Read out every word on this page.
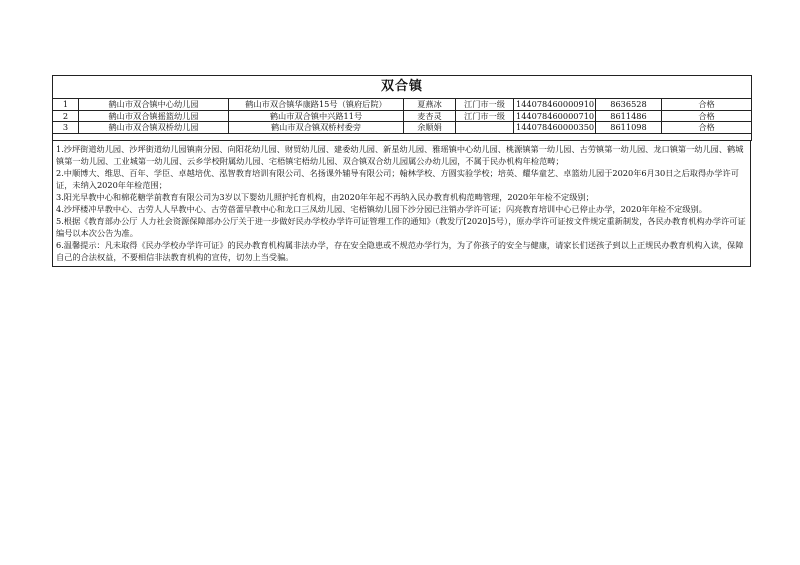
双合镇							
1	鹤山市双合镇中心幼儿园	鹤山市双合镇华康路15号（镇府后院）	夏燕冰	江门市一级	144078460000910	8636528	合格
2	鹤山市双合镇摇篮幼儿园	鹤山市双合镇中兴路11号	麦杏灵	江门市一级	144078460000710	8611486	合格
3	鹤山市双合镇双桥幼儿园	鹤山市双合镇双桥村委旁	余顺娟		144078460000350	8611098	合格

1.沙坪街道幼儿园、沙坪街道幼儿园镇南分园、向阳花幼儿园、财贸幼儿园、建委幼儿园、新星幼儿园、雅瑶镇中心幼儿园、桃源镇第一幼儿园、古劳镇第一幼儿园、龙口镇第一幼儿园、鹤城镇第一幼儿园、工业城第一幼儿园、云乡学校附属幼儿园、宅梧镇宅梧幼儿园、双合镇双合幼儿园属公办幼儿园，不属于民办机构年检范畴；

2.中顺博大、维思、百年、学臣、卓越培优、泓智教育培训有限公司、名扬课外辅导有限公司；翰林学校、方圆实验学校；培英、耀华童艺、卓篮幼儿园于2020年6月30日之后取得办学许可证，未纳入2020年年检范围；

3.阳光早教中心和棉花糖学前教育有限公司为3岁以下婴幼儿照护托育机构，由2020年年起不再纳入民办教育机构范畴管理，2020年年检不定级别；

4.沙坪楼冲早教中心、古劳人人早教中心、古劳蓓蕾早教中心和龙口三凤幼儿园、宅梧镇幼儿园下沙分园已注销办学许可证；闪亮教育培训中心已停止办学，2020年年检不定级别。

5.根据《教育部办公厅 人力社会资源保障部办公厅关于进一步做好民办学校办学许可证管理工作的通知》（教发厅[2020]5号），原办学许可证按文件规定重新制发，各民办教育机构办学许可证编号以本次公告为准。

6.温馨提示：凡未取得《民办学校办学许可证》的民办教育机构属非法办学，存在安全隐患或不规范办学行为，为了你孩子的安全与健康，请家长们送孩子到以上正规民办教育机构入读，保障自己的合法权益，不要相信非法教育机构的宣传，切勿上当受骗。
